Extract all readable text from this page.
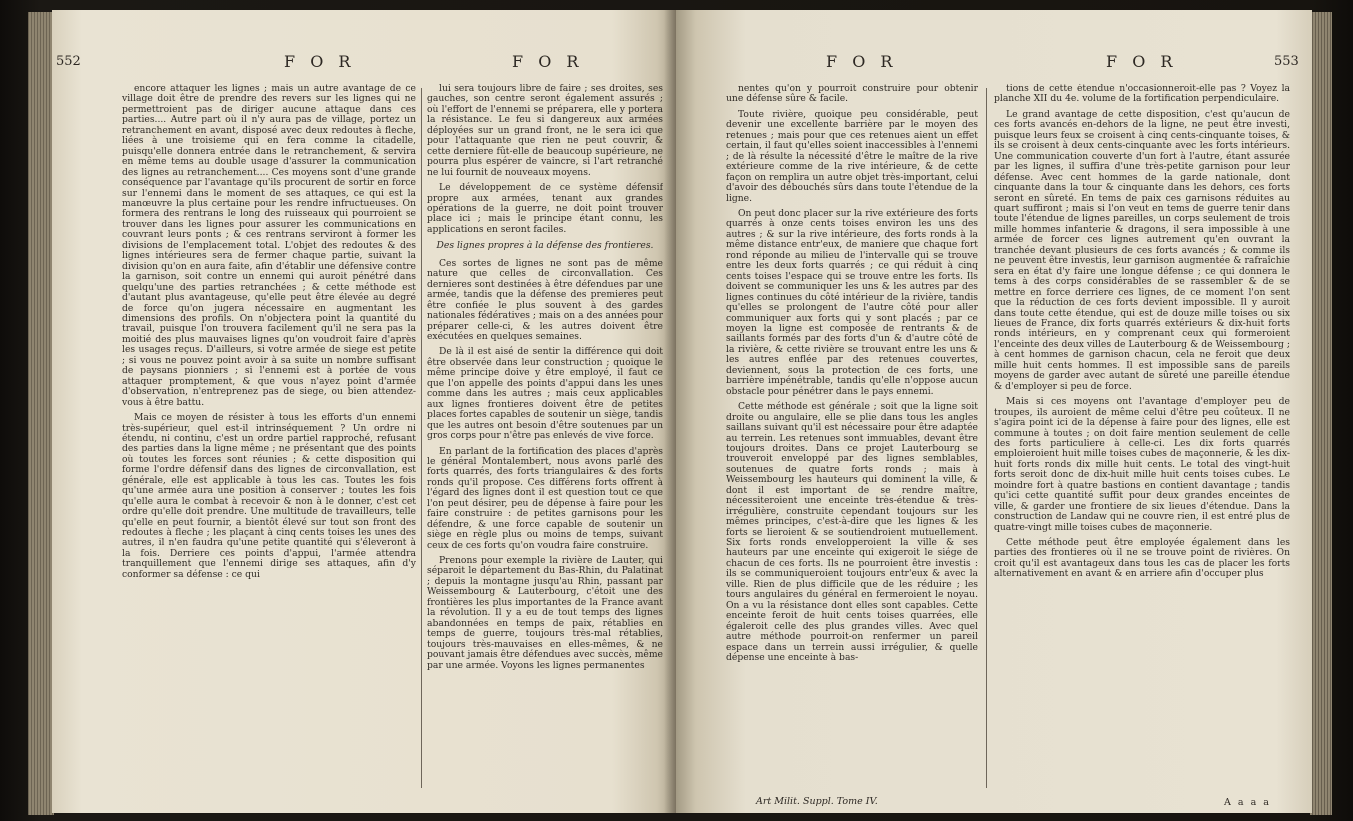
552	F O R	F O R

encore attaquer les lignes ; mais un autre avantage de ce village doit être de prendre des revers sur les lignes qui ne permettroient pas de diriger aucune attaque dans ces parties.... Autre part où il n'y aura pas de village, portez un retranchement en avant, disposé avec deux redoutes à fleche, liées à une troisieme qui en fera comme la citadelle, puisqu'elle donnera entrée dans le retranchement, & servira en même tems au double usage d'assurer la communication des lignes au retranchement.... Ces moyens sont d'une grande conséquence par l'avantage qu'ils procurent de sortir en force sur l'ennemi dans le moment de ses attaques, ce qui est la manœuvre la plus certaine pour les rendre infructueuses. On formera des rentrans le long des ruisseaux qui pourroient se trouver dans les lignes pour assurer les communications en couvrant leurs ponts ; & ces rentrans serviront à former les divisions de l'emplacement total. L'objet des redoutes & des lignes intérieures sera de fermer chaque partie, suivant la division qu'on en aura faite, afin d'établir une défensive contre la garnison, soit contre un ennemi qui auroit pénétré dans quelqu'une des parties retranchées ; & cette méthode est d'autant plus avantageuse, qu'elle peut être élevée au degré de force qu'on jugera nécessaire en augmentant les dimensions des profils. On n'objectera point la quantité du travail, puisque l'on trouvera facilement qu'il ne sera pas la moitié des plus mauvaises lignes qu'on voudroit faire d'après les usages reçus. D'ailleurs, si votre armée de siege est petite ; si vous ne pouvez point avoir à sa suite un nombre suffisant de paysans pionniers ; si l'ennemi est à portée de vous attaquer promptement, & que vous n'ayez point d'armée d'observation, n'entreprenez pas de siege, ou bien attendez-vous à être battu.

Mais ce moyen de résister à tous les efforts d'un ennemi très-supérieur, quel est-il intrinséquement ? Un ordre ni étendu, ni continu, c'est un ordre partiel rapproché, refusant des parties dans la ligne même ; ne présentant que des points où toutes les forces sont réunies ; & cette disposition qui forme l'ordre défensif dans des lignes de circonvallation, est générale, elle est applicable à tous les cas. Toutes les fois qu'une armée aura une position à conserver ; toutes les fois qu'elle aura le combat à recevoir & non à le donner, c'est cet ordre qu'elle doit prendre. Une multitude de travailleurs, telle qu'elle en peut fournir, a bientôt élevé sur tout son front des redoutes à fleche ; les plaçant à cinq cents toises les unes des autres, il n'en faudra qu'une petite quantité qui s'éleveront à la fois. Derriere ces points d'appui, l'armée attendra tranquillement que l'ennemi dirige ses attaques, afin d'y conformer sa défense : ce qui

lui sera toujours libre de faire ; ses droites, ses gauches, son centre seront également assurés ; où l'effort de l'ennemi se préparera, elle y portera la résistance. Le feu si dangereux aux armées déployées sur un grand front, ne le sera ici que pour l'attaquante que rien ne peut couvrir, & cette derniere fût-elle de beaucoup supérieure, ne pourra plus espérer de vaincre, si l'art retranché ne lui fournit de nouveaux moyens.

Le développement de ce système défensif propre aux armées, tenant aux grandes opérations de la guerre, ne doit point trouver place ici ; mais le principe étant connu, les applications en seront faciles.

Des lignes propres à la défense des frontieres.

Ces sortes de lignes ne sont pas de même nature que celles de circonvallation. Ces dernieres sont destinées à être défendues par une armée, tandis que la défense des premieres peut être confiée le plus souvent à des gardes nationales fédératives ; mais on a des années pour préparer celle-ci, & les autres doivent être exécutées en quelques semaines.

De là il est aisé de sentir la différence qui doit être observée dans leur construction ; quoique le même principe doive y être employé, il faut ce que l'on appelle des points d'appui dans les unes comme dans les autres ; mais ceux applicables aux lignes frontieres doivent être de petites places fortes capables de soutenir un siège, tandis que les autres ont besoin d'être soutenues par un gros corps pour n'être pas enlevés de vive force.

En parlant de la fortification des places d'après le général Montalembert, nous avons parlé des forts quarrés, des forts triangulaires & des forts ronds qu'il propose. Ces différens forts offrent à l'égard des lignes dont il est question tout ce que l'on peut désirer, peu de dépense à faire pour les faire construire : de petites garnisons pour les défendre, & une force capable de soutenir un siège en règle plus ou moins de temps, suivant ceux de ces forts qu'on voudra faire construire.

Prenons pour exemple la rivière de Lauter, qui séparoit le département du Bas-Rhin, du Palatinat ; depuis la montagne jusqu'au Rhin, passant par Weissembourg & Lauterbourg, c'étoit une des frontières les plus importantes de la France avant la révolution. Il y a eu de tout temps des lignes abandonnées en temps de paix, rétablies en temps de guerre, toujours très-mal rétablies, toujours très-mauvaises en elles-mêmes, & ne pouvant jamais être défendues avec succès, même par une armée. Voyons les lignes permanentes

F O R	F O R	553

nentes qu'on y pourroit construire pour obtenir une défense sûre & facile.

Toute rivière, quoique peu considérable, peut devenir une excellente barrière par le moyen des retenues ; mais pour que ces retenues aient un effet certain, il faut qu'elles soient inaccessibles à l'ennemi ; de là résulte la nécessité d'être le maître de la rive extérieure comme de la rive intérieure, & de cette façon on remplira un autre objet très-important, celui d'avoir des débouchés sûrs dans toute l'étendue de la ligne.

On peut donc placer sur la rive extérieure des forts quarrés à onze cents toises environ les uns des autres ; & sur la rive intérieure, des forts ronds à la même distance entr'eux, de maniere que chaque fort rond réponde au milieu de l'intervalle qui se trouve entre les deux forts quarrés ; ce qui réduit à cinq cents toises l'espace qui se trouve entre les forts. Ils doivent se communiquer les uns & les autres par des lignes continues du côté intérieur de la rivière, tandis qu'elles se prolongent de l'autre côté pour aller communiquer aux forts qui y sont placés ; par ce moyen la ligne est composée de rentrants & de saillants formés par des forts d'un & d'autre côté de la rivière, & cette rivière se trouvant entre les uns & les autres enflée par des retenues couvertes, deviennent, sous la protection de ces forts, une barrière impénétrable, tandis qu'elle n'oppose aucun obstacle pour pénétrer dans le pays ennemi.

Cette méthode est générale ; soit que la ligne soit droite ou angulaire, elle se plie dans tous les angles saillans suivant qu'il est nécessaire pour être adaptée au terrein. Les retenues sont immuables, devant être toujours droites. Dans ce projet Lauterbourg se trouveroit enveloppé par des lignes semblables, soutenues de quatre forts ronds ; mais à Weissembourg les hauteurs qui dominent la ville, & dont il est important de se rendre maître, nécessiteroient une enceinte très-étendue & très-irrégulière, construite cependant toujours sur les mêmes principes, c'est-à-dire que les lignes & les forts se lieroient & se soutiendroient mutuellement. Six forts ronds envelopperoient la ville & ses hauteurs par une enceinte qui exigeroit le siége de chacun de ces forts. Ils ne pourroient être investis : ils se communiqueroient toujours entr'eux & avec la ville. Rien de plus difficile que de les réduire ; les tours angulaires du général en fermeroient le noyau. On a vu la résistance dont elles sont capables. Cette enceinte feroit de huit cents toises quarrées, elle égaleroit celle des plus grandes villes. Avec quel autre méthode pourroit-on renfermer un pareil espace dans un terrein aussi irrégulier, & quelle dépense une enceinte à bas-

Art Milit. Suppl. Tome IV.

tions de cette étendue n'occasionneroit-elle pas ? Voyez la planche XII du 4e. volume de la fortification perpendiculaire.

Le grand avantage de cette disposition, c'est qu'aucun de ces forts avancés en-dehors de la ligne, ne peut être investi, puisque leurs feux se croisent à cinq cents-cinquante toises, & ils se croisent à deux cents-cinquante avec les forts intérieurs. Une communication couverte d'un fort à l'autre, étant assurée par les lignes, il suffira d'une très-petite garnison pour leur défense. Avec cent hommes de la garde nationale, dont cinquante dans la tour & cinquante dans les dehors, ces forts seront en sûreté. En tems de paix ces garnisons réduites au quart suffiront ; mais si l'on veut en tems de guerre tenir dans toute l'étendue de lignes pareilles, un corps seulement de trois mille hommes infanterie & dragons, il sera impossible à une armée de forcer ces lignes autrement qu'en ouvrant la tranchée devant plusieurs de ces forts avancés ; & comme ils ne peuvent être investis, leur garnison augmentée & rafraîchie sera en état d'y faire une longue défense ; ce qui donnera le tems à des corps considérables de se rassembler & de se mettre en force derriere ces lignes, de ce moment l'on sent que la réduction de ces forts devient impossible. Il y auroit dans toute cette étendue, qui est de douze mille toises ou six lieues de France, dix forts quarrés extérieurs & dix-huit forts ronds intérieurs, en y comprenant ceux qui formeroient l'enceinte des deux villes de Lauterbourg & de Weissembourg ; à cent hommes de garnison chacun, cela ne feroit que deux mille huit cents hommes. Il est impossible sans de pareils moyens de garder avec autant de sûreté une pareille étendue & d'employer si peu de force.

Mais si ces moyens ont l'avantage d'employer peu de troupes, ils auroient de même celui d'être peu coûteux. Il ne s'agira point ici de la dépense à faire pour des lignes, elle est commune à toutes ; on doit faire mention seulement de celle des forts particuliere à celle-ci. Les dix forts quarrés emploieroient huit mille toises cubes de maçonnerie, & les dix-huit forts ronds dix mille huit cents. Le total des vingt-huit forts seroit donc de dix-huit mille huit cents toises cubes. Le moindre fort à quatre bastions en contient davantage ; tandis qu'ici cette quantité suffit pour deux grandes enceintes de ville, & garder une frontiere de six lieues d'étendue. Dans la construction de Landaw qui ne couvre rien, il est entré plus de quatre-vingt mille toises cubes de maçonnerie.

Cette méthode peut être employée également dans les parties des frontieres où il ne se trouve point de rivières. On croit qu'il est avantageux dans tous les cas de placer les forts alternativement en avant & en arriere afin d'occuper plus

A a a a
